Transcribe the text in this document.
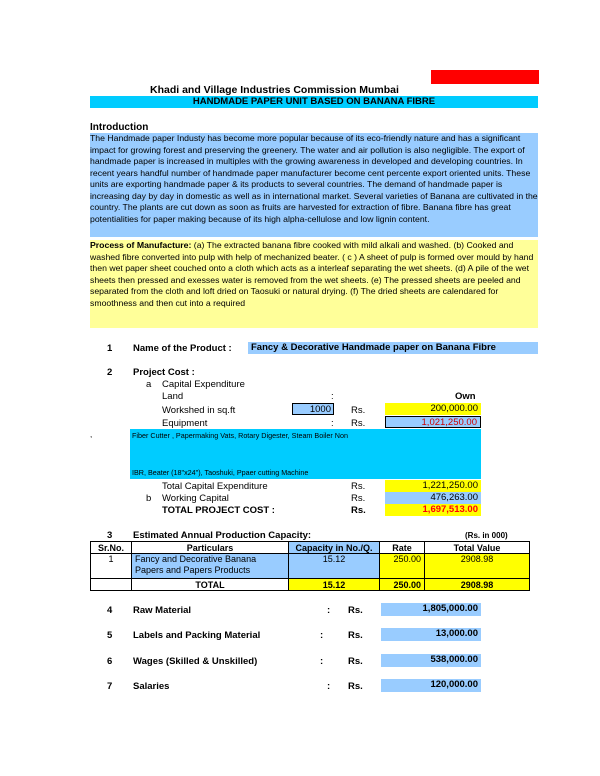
Khadi and Village Industries Commission Mumbai
HANDMADE PAPER UNIT BASED ON BANANA FIBRE
Introduction
The Handmade paper Industy has become more popular because of its eco-friendly nature and has a significant impact for growing forest and preserving the greenery. The water and air pollution is also negligible. The export of handmade paper is increased in multiples with the growing awareness in developed and developing countries. In recent years handful number of handmade paper manufacturer become cent percente export oriented units. These units are exporting handmade paper & its products to several countries. The demand of handmade paper is increasing day by day in domestic as well as in international market. Several varieties of Banana are cultivated in the country. The plants are cut down as soon as fruits are harvested for extraction of fibre. Banana fibre has great potentialities for paper making because of its high alpha-cellulose and low lignin content.
Process of Manufacture: (a) The extracted banana fibre cooked with mild alkali and washed. (b) Cooked and washed fibre converted into pulp with help of mechanized beater. ( c ) A sheet of pulp is formed over mould by hand then wet paper sheet couched onto a cloth which acts as a interleaf separating the wet sheets. (d) A pile of the wet sheets then pressed and exesses water is removed from the wet sheets. (e) The pressed sheets are peeled and separated from the cloth and loft dried on Taosuki or natural drying. (f) The dried sheets are calendared for smoothness and then cut into a required
1 Name of the Product :	Fancy & Decorative Handmade paper on Banana Fibre
2 Project Cost :
a Capital Expenditure
Land	:	Own
Workshed in sq.ft	1000	Rs.	200,000.00
Equipment	: Rs.	1,021,250.00
,	Fiber Cutter , Papermaking Vats, Rotary Digester, Steam Boiler Non
IBR, Beater (18"x24"), Taoshuki, Ppaer cutting Machine
Total Capital Expenditure	Rs.	1,221,250.00
b Working Capital	Rs.	476,263.00
TOTAL PROJECT COST :	Rs.	1,697,513.00
3 Estimated Annual Production Capacity:	(Rs. in 000)
Sr.No.	Particulars	Capacity in No./Q.	Rate	Total Value
1	Fancy and Decorative Banana
Papers and Papers Products	15.12	250.00	2908.98
	TOTAL	15.12	250.00	2908.98
4 Raw Material	: Rs.	1,805,000.00
5 Labels and Packing Material	:	Rs.	13,000.00
6 Wages (Skilled & Unskilled)	:	Rs.	538,000.00
7 Salaries	: Rs.	120,000.00
